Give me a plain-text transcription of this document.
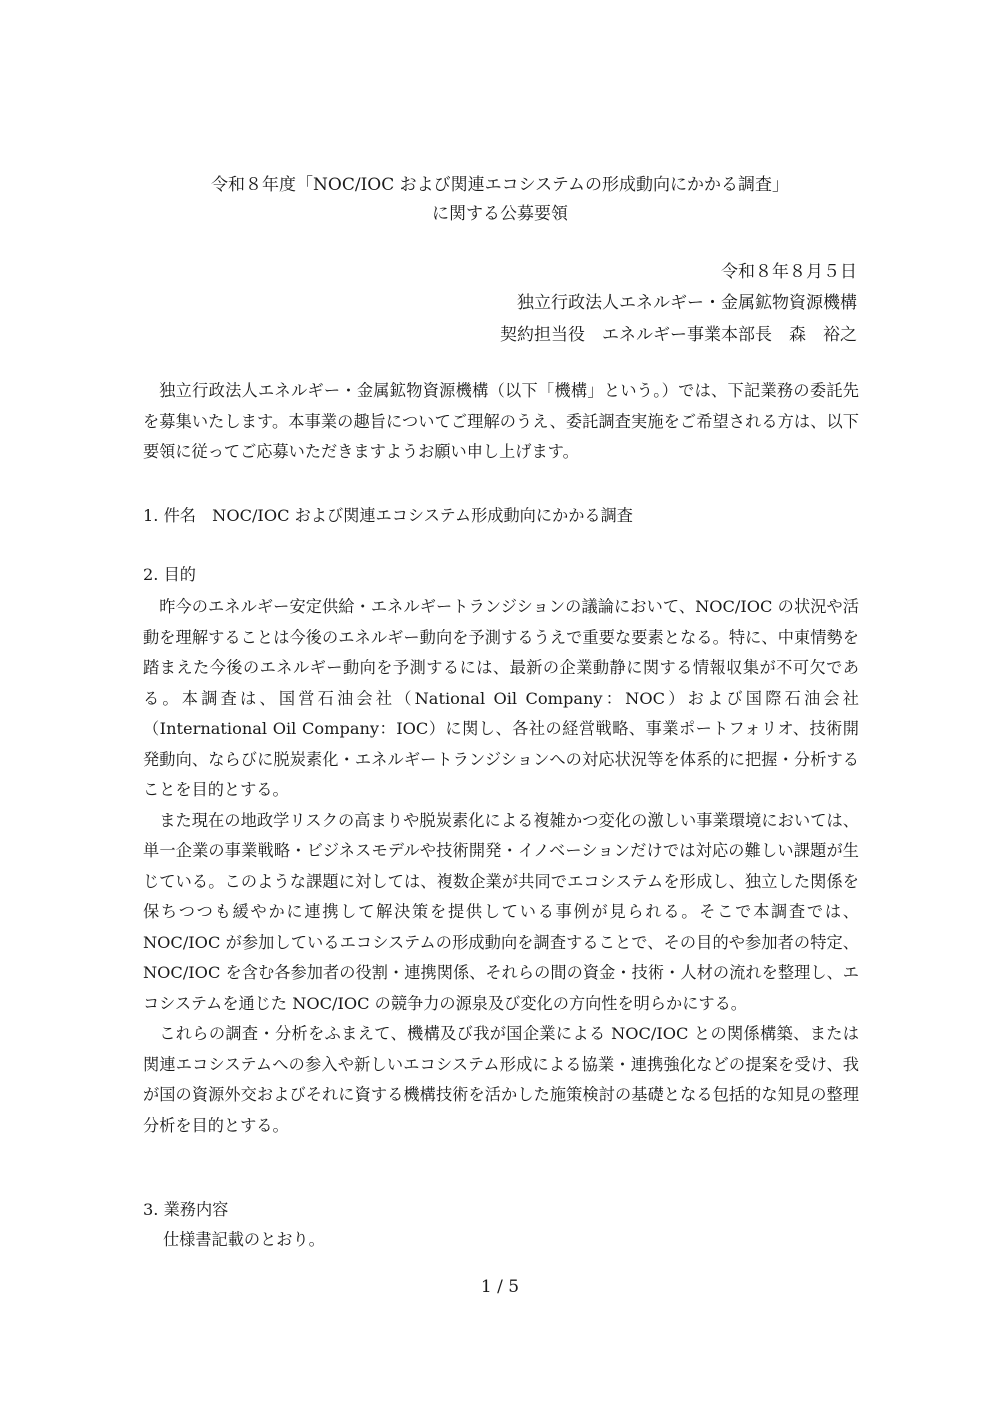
令和８年度「NOC/IOC および関連エコシステムの形成動向にかかる調査」
に関する公募要領
令和８年８月５日
独立行政法人エネルギー・金属鉱物資源機構
契約担当役　エネルギー事業本部長　森　裕之
独立行政法人エネルギー・金属鉱物資源機構（以下「機構」という。）では、下記業務の委託先を募集いたします。本事業の趣旨についてご理解のうえ、委託調査実施をご希望される方は、以下要領に従ってご応募いただきますようお願い申し上げます。
1. 件名　NOC/IOC および関連エコシステム形成動向にかかる調査
2. 目的

昨今のエネルギー安定供給・エネルギートランジションの議論において、NOC/IOC の状況や活動を理解することは今後のエネルギー動向を予測するうえで重要な要素となる。特に、中東情勢を踏まえた今後のエネルギー動向を予測するには、最新の企業動静に関する情報収集が不可欠である。本調査は、国営石油会社（National Oil Company：NOC）および国際石油会社（International Oil Company：IOC）に関し、各社の経営戦略、事業ポートフォリオ、技術開発動向、ならびに脱炭素化・エネルギートランジションへの対応状況等を体系的に把握・分析することを目的とする。

また現在の地政学リスクの高まりや脱炭素化による複雑かつ変化の激しい事業環境においては、単一企業の事業戦略・ビジネスモデルや技術開発・イノベーションだけでは対応の難しい課題が生じている。このような課題に対しては、複数企業が共同でエコシステムを形成し、独立した関係を保ちつつも緩やかに連携して解決策を提供している事例が見られる。そこで本調査では、NOC/IOC が参加しているエコシステムの形成動向を調査することで、その目的や参加者の特定、NOC/IOC を含む各参加者の役割・連携関係、それらの間の資金・技術・人材の流れを整理し、エコシステムを通じた NOC/IOC の競争力の源泉及び変化の方向性を明らかにする。

これらの調査・分析をふまえて、機構及び我が国企業による NOC/IOC との関係構築、または関連エコシステムへの参入や新しいエコシステム形成による協業・連携強化などの提案を受け、我が国の資源外交およびそれに資する機構技術を活かした施策検討の基礎となる包括的な知見の整理分析を目的とする。

3. 業務内容
仕様書記載のとおり。
1 / 5
